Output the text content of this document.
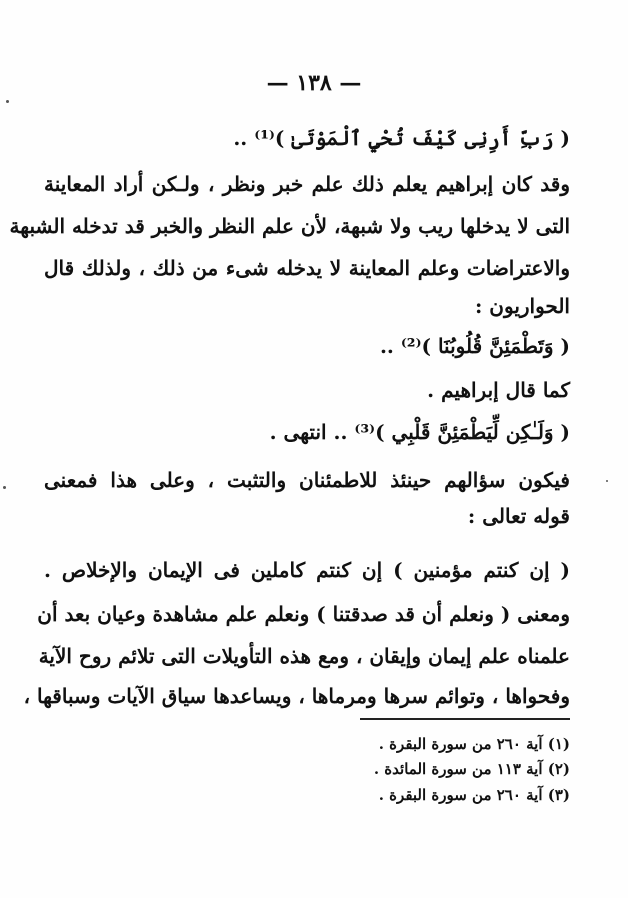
— ١٣٨ —
( رَبِّ أَرِنِى كَيْفَ تُحْيِ ٱلْمَوْتَىٰ )⁽¹⁾ ..
وقد كان إبراهيم يعلم ذلك علم خبر ونظر ، ولـكن أراد المعاينة
التى لا يدخلها ريب ولا شبهة، لأن علم النظر والخبر قد تدخله الشبهة
والاعتراضات وعلم المعاينة لا يدخله شىء من ذلك ، ولذلك قال
الحواريون :
( وَتَطْمَئِنَّ قُلُوبُنَا )⁽²⁾ ..
كما قال إبراهيم .
( وَلَـٰكِن لِّيَطْمَئِنَّ قَلْبِي )⁽³⁾ .. انتهى .
فيكون سؤالهم حينئذ للاطمئنان والتثبت ، وعلى هذا فمعنى
قوله تعالى :
( إن كنتم مؤمنين ) إن كنتم كاملين فى الإيمان والإخلاص .
ومعنى ( ونعلم أن قد صدقتنا ) ونعلم علم مشاهدة وعيان بعد أن
علمناه علم إيمان وإيقان ، ومع هذه التأويلات التى تلائم روح الآية
وفحواها ، وتوائم سرها ومرماها ، ويساعدها سياق الآيات وسباقها ،
(١) آية ٢٦٠ من سورة البقرة .
(٢) آية ١١٣ من سورة المائدة .
(٣) آية ٢٦٠ من سورة البقرة .
